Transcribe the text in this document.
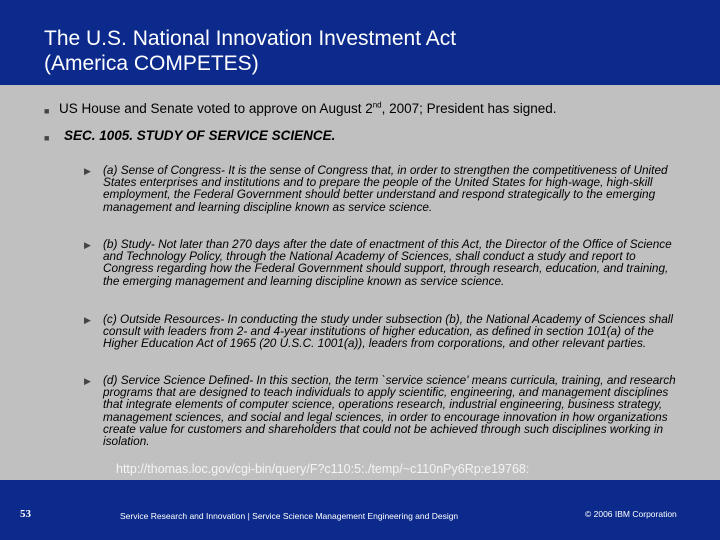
The U.S. National Innovation Investment Act
(America COMPETES)
■ US House and Senate voted to approve on August 2nd, 2007; President has signed.
■ SEC. 1005. STUDY OF SERVICE SCIENCE.
▶ (a) Sense of Congress- It is the sense of Congress that, in order to strengthen the competitiveness of United States enterprises and institutions and to prepare the people of the United States for high-wage, high-skill employment, the Federal Government should better understand and respond strategically to the emerging management and learning discipline known as service science.
▶ (b) Study- Not later than 270 days after the date of enactment of this Act, the Director of the Office of Science and Technology Policy, through the National Academy of Sciences, shall conduct a study and report to Congress regarding how the Federal Government should support, through research, education, and training, the emerging management and learning discipline known as service science.
▶ (c) Outside Resources- In conducting the study under subsection (b), the National Academy of Sciences shall consult with leaders from 2- and 4-year institutions of higher education, as defined in section 101(a) of the Higher Education Act of 1965 (20 U.S.C. 1001(a)), leaders from corporations, and other relevant parties.
▶ (d) Service Science Defined- In this section, the term `service science' means curricula, training, and research programs that are designed to teach individuals to apply scientific, engineering, and management disciplines that integrate elements of computer science, operations research, industrial engineering, business strategy, management sciences, and social and legal sciences, in order to encourage innovation in how organizations create value for customers and shareholders that could not be achieved through such disciplines working in isolation.
http://thomas.loc.gov/cgi-bin/query/F?c110:5:./temp/~c110nPy6Rp:e19768:
53	Service Research and Innovation | Service Science Management Engineering and Design	© 2006 IBM Corporation
